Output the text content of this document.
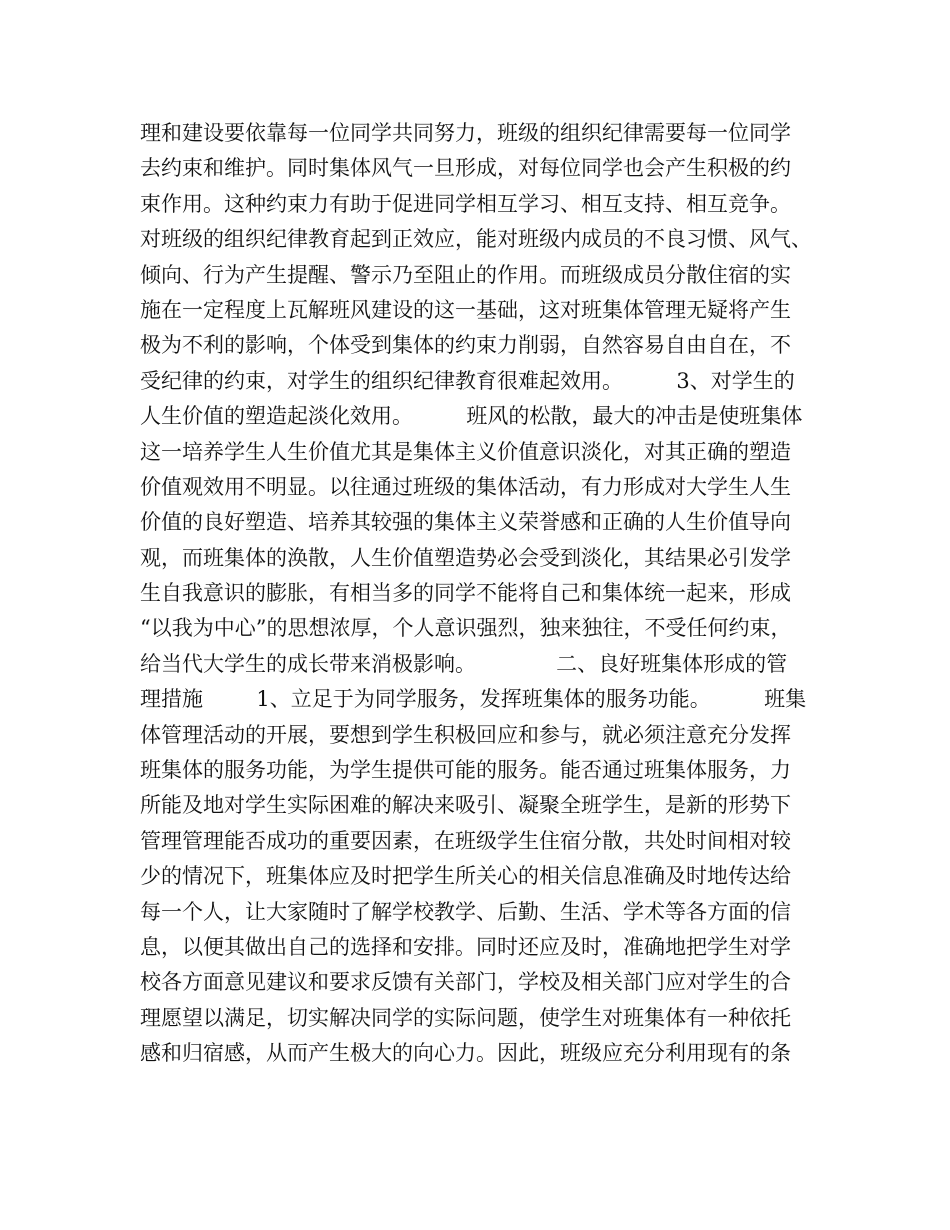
理和建设要依靠每一位同学共同努力，班级的组织纪律需要每一位同学
去约束和维护。同时集体风气一旦形成，对每位同学也会产生积极的约
束作用。这种约束力有助于促进同学相互学习、相互支持、相互竞争。
对班级的组织纪律教育起到正效应，能对班级内成员的不良习惯、风气、
倾向、行为产生提醒、警示乃至阻止的作用。而班级成员分散住宿的实
施在一定程度上瓦解班风建设的这一基础，这对班集体管理无疑将产生
极为不利的影响，个体受到集体的约束力削弱，自然容易自由自在，不
受纪律的约束，对学生的组织纪律教育很难起效用。        3、对学生的
人生价值的塑造起淡化效用。        班风的松散，最大的冲击是使班集体
这一培养学生人生价值尤其是集体主义价值意识淡化，对其正确的塑造
价值观效用不明显。以往通过班级的集体活动，有力形成对大学生人生
价值的良好塑造、培养其较强的集体主义荣誉感和正确的人生价值导向
观，而班集体的涣散，人生价值塑造势必会受到淡化，其结果必引发学
生自我意识的膨胀，有相当多的同学不能将自己和集体统一起来，形成
“以我为中心”的思想浓厚，个人意识强烈，独来独往，不受任何约束，
给当代大学生的成长带来消极影响。            二、良好班集体形成的管
理措施        1、立足于为同学服务，发挥班集体的服务功能。        班集
体管理活动的开展，要想到学生积极回应和参与，就必须注意充分发挥
班集体的服务功能，为学生提供可能的服务。能否通过班集体服务，力
所能及地对学生实际困难的解决来吸引、凝聚全班学生，是新的形势下
管理管理能否成功的重要因素，在班级学生住宿分散，共处时间相对较
少的情况下，班集体应及时把学生所关心的相关信息准确及时地传达给
每一个人，让大家随时了解学校教学、后勤、生活、学术等各方面的信
息，以便其做出自己的选择和安排。同时还应及时，准确地把学生对学
校各方面意见建议和要求反馈有关部门，学校及相关部门应对学生的合
理愿望以满足，切实解决同学的实际问题，使学生对班集体有一种依托
感和归宿感，从而产生极大的向心力。因此，班级应充分利用现有的条
